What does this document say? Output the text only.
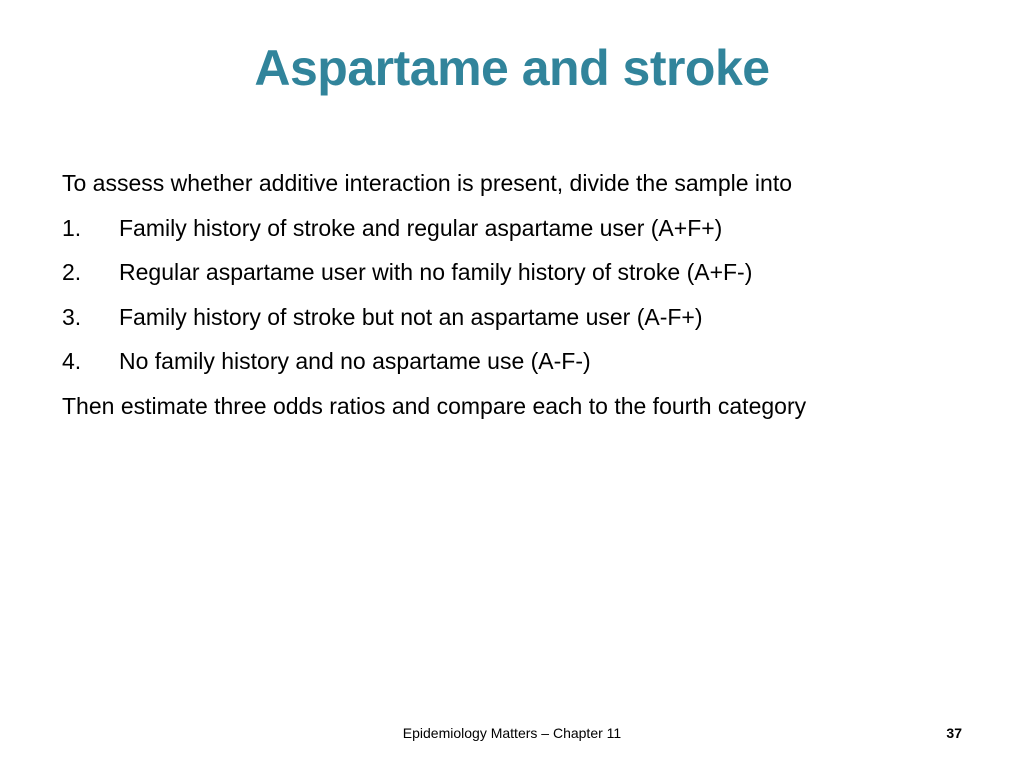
Aspartame and stroke
To assess whether additive interaction is present, divide the sample into
1. Family history of stroke and regular aspartame user (A+F+)
2. Regular aspartame user with no family history of stroke (A+F-)
3. Family history of stroke but not an aspartame user (A-F+)
4. No family history and no aspartame use (A-F-)
Then estimate three odds ratios and compare each to the fourth category
Epidemiology Matters – Chapter 11	37
